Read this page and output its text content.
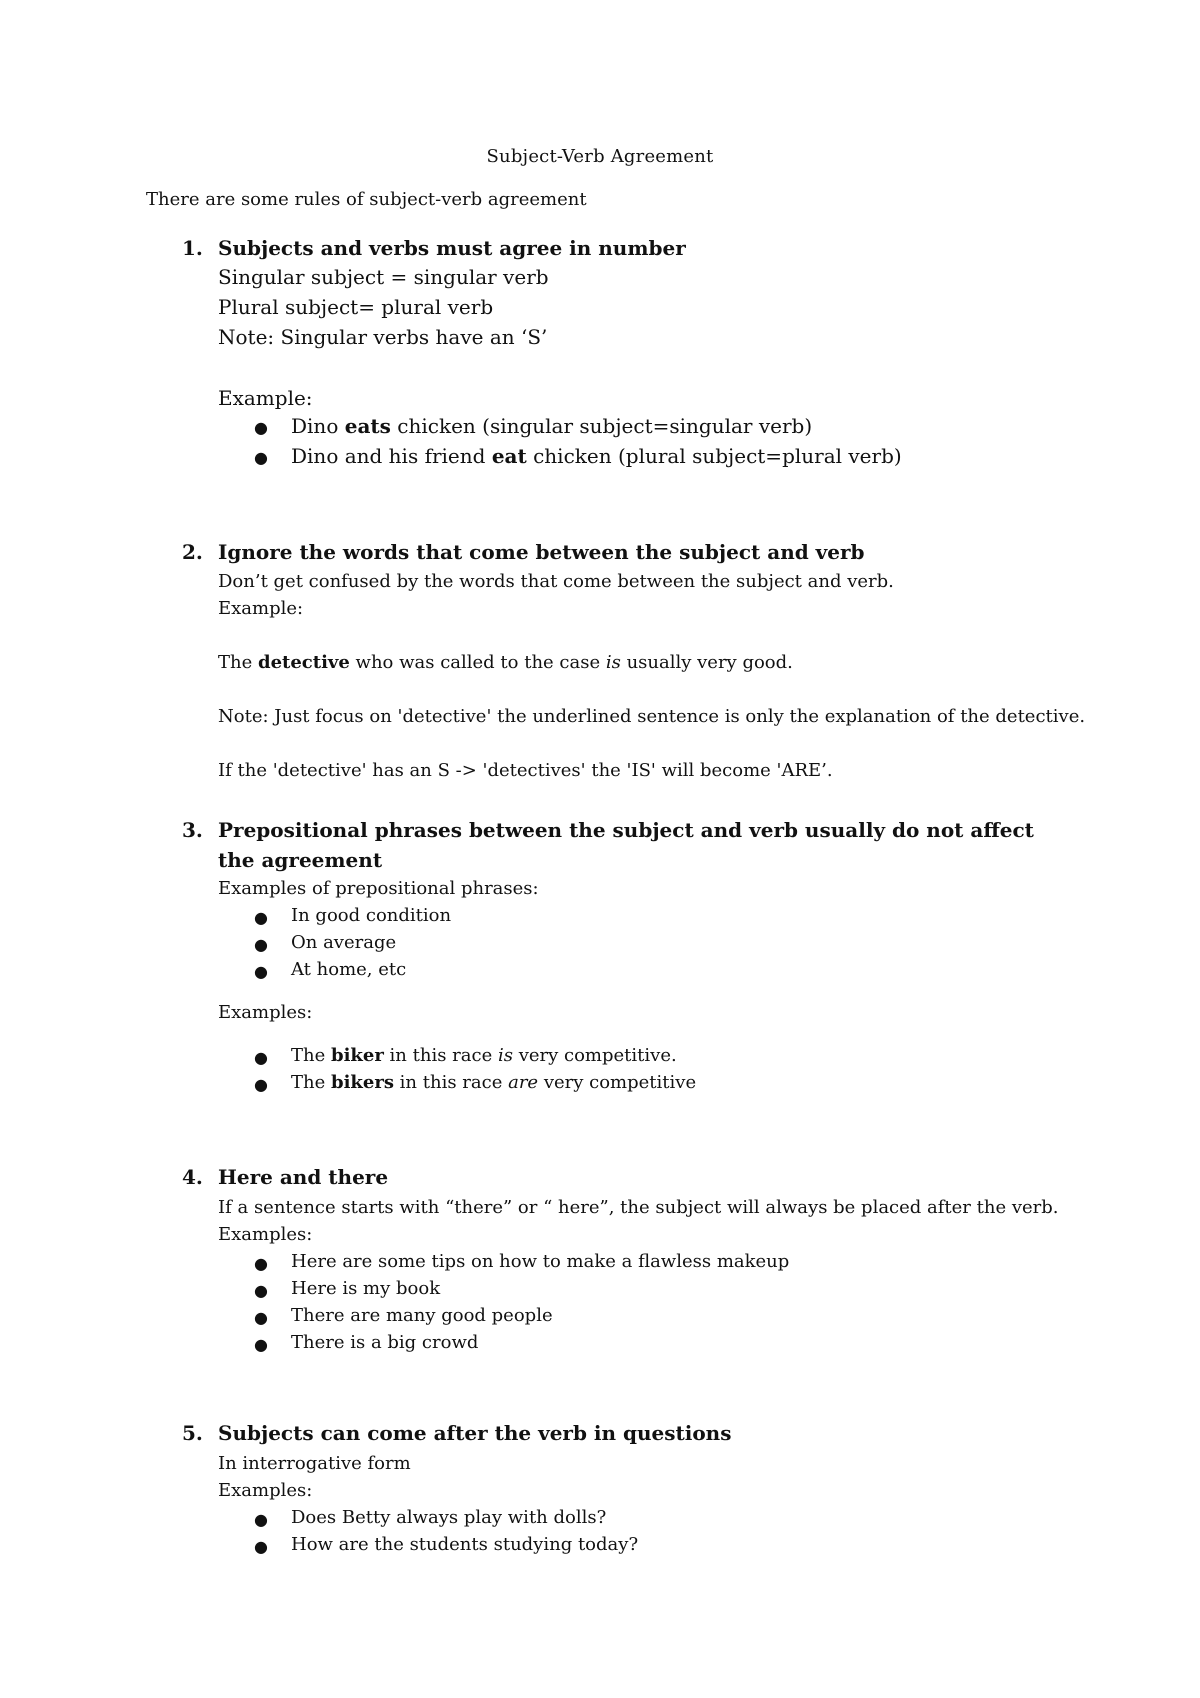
Subject-Verb Agreement
There are some rules of subject-verb agreement
1. Subjects and verbs must agree in number
Singular subject = singular verb
Plural subject= plural verb
Note: Singular verbs have an ‘S’
Example:
● Dino eats chicken (singular subject=singular verb)
● Dino and his friend eat chicken (plural subject=plural verb)
2. Ignore the words that come between the subject and verb
Don’t get confused by the words that come between the subject and verb.
Example:
The detective who was called to the case is usually very good.
Note: Just focus on 'detective' the underlined sentence is only the explanation of the detective.
If the 'detective' has an S -> 'detectives' the 'IS' will become 'ARE’.
3. Prepositional phrases between the subject and verb usually do not affect the agreement
Examples of prepositional phrases:
● In good condition
● On average
● At home, etc
Examples:
● The biker in this race is very competitive.
● The bikers in this race are very competitive
4. Here and there
If a sentence starts with “there” or “ here”, the subject will always be placed after the verb.
Examples:
● Here are some tips on how to make a flawless makeup
● Here is my book
● There are many good people
● There is a big crowd
5. Subjects can come after the verb in questions
In interrogative form
Examples:
● Does Betty always play with dolls?
● How are the students studying today?
